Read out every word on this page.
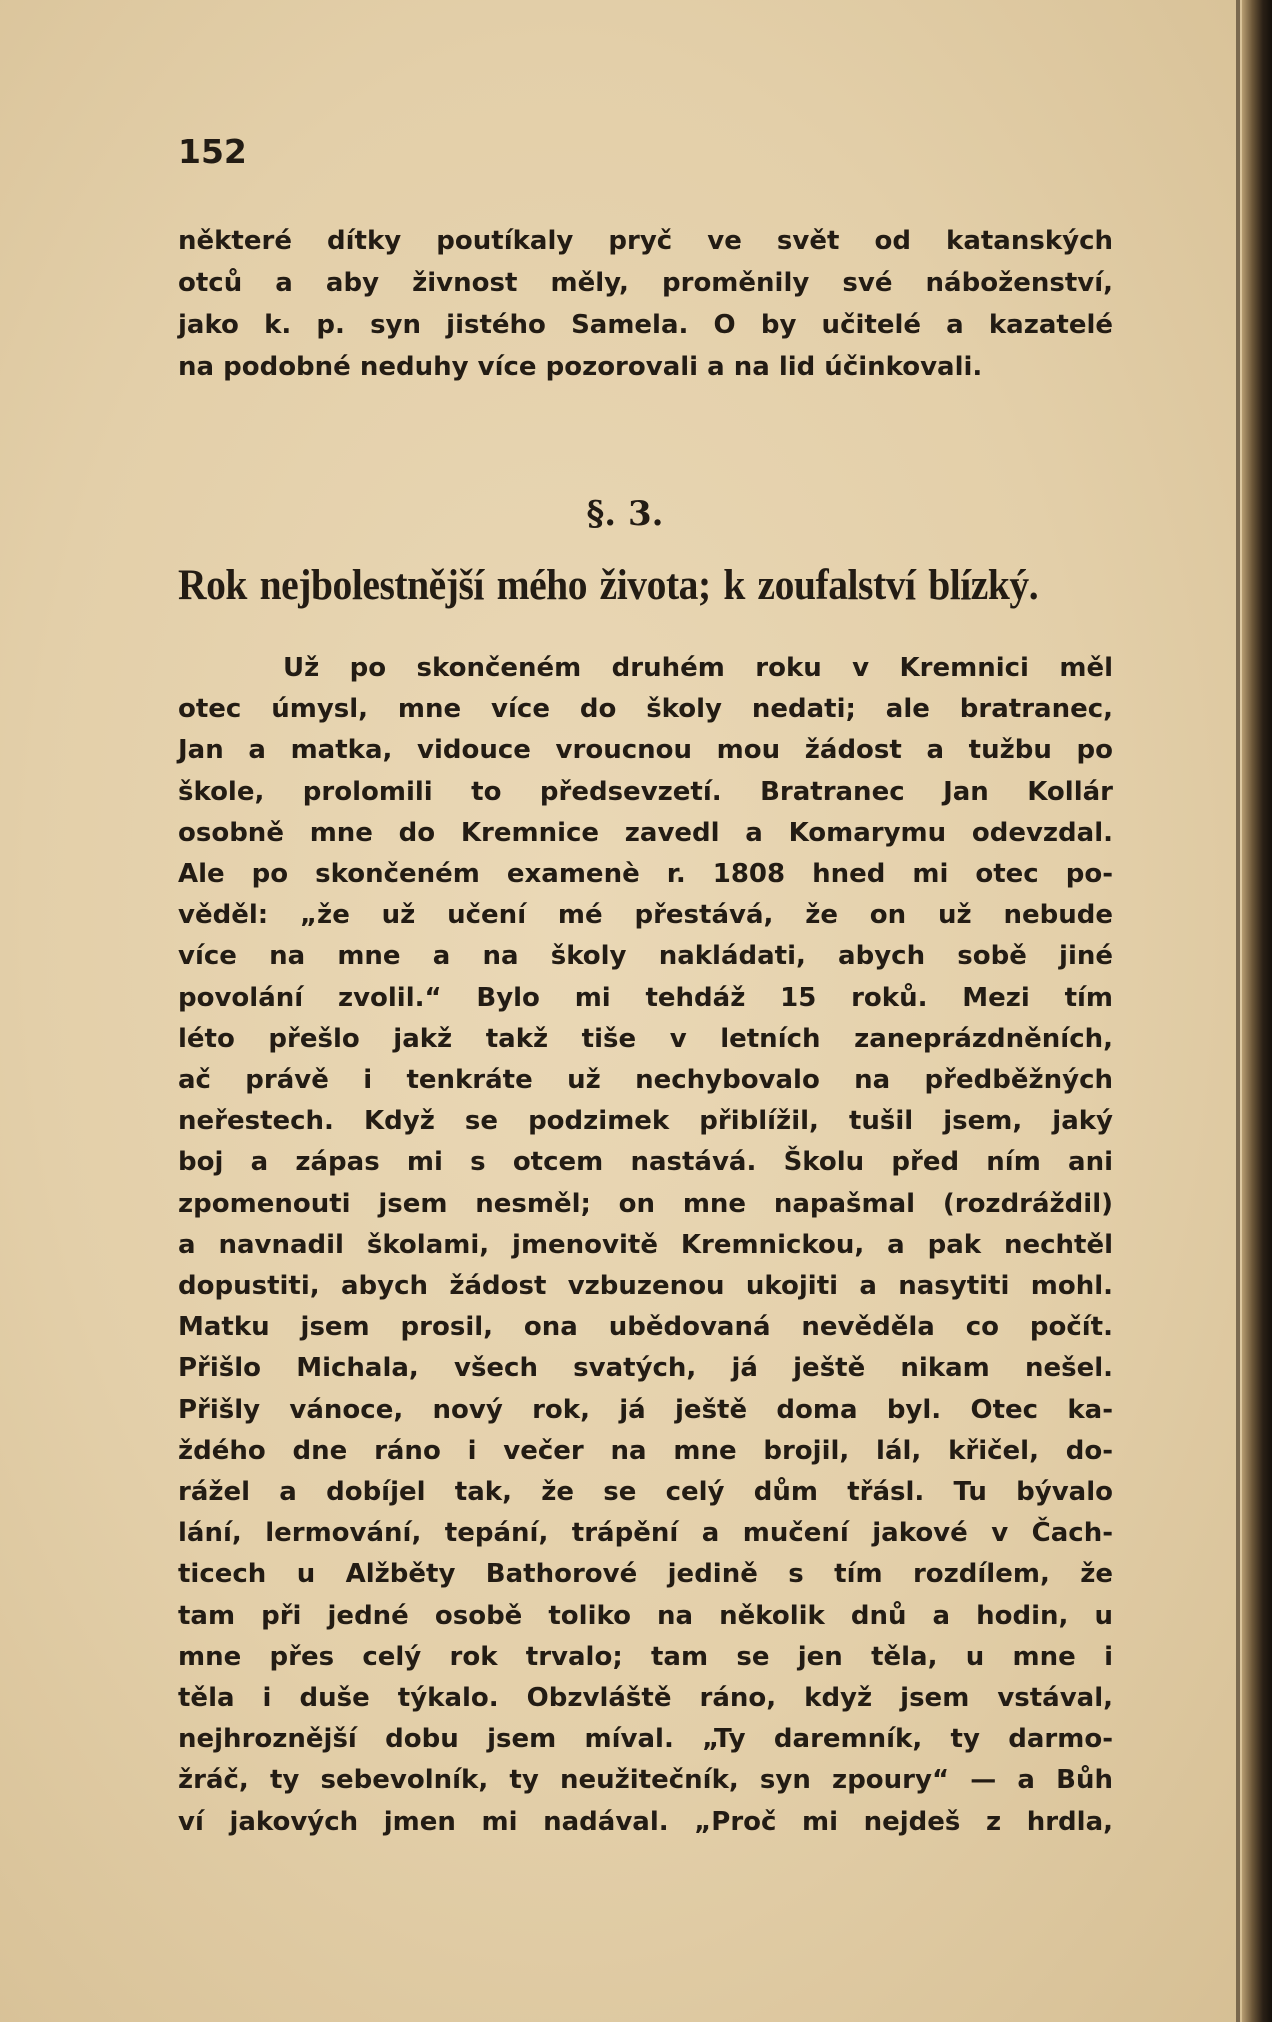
152
některé dítky poutíkaly pryč ve svět od katanských
otců a aby živnost měly, proměnily své náboženství,
jako k. p. syn jistého Samela. O by učitelé a kazatelé
na podobné neduhy více pozorovali a na lid účinkovali.
§. 3.
Rok nejbolestnější mého života; k zoufalství blízký.
Už po skončeném druhém roku v Kremnici měl
otec úmysl, mne více do školy nedati; ale bratranec,
Jan a matka, vidouce vroucnou mou žádost a tužbu po
škole, prolomili to předsevzetí. Bratranec Jan Kollár
osobně mne do Kremnice zavedl a Komarymu odevzdal.
Ale po skončeném examenè r. 1808 hned mi otec po-
věděl: „že už učení mé přestává, že on už nebude
více na mne a na školy nakládati, abych sobě jiné
povolání zvolil.“ Bylo mi tehdáž 15 roků. Mezi tím
léto přešlo jakž takž tiše v letních zaneprázdněních,
ač právě i tenkráte už nechybovalo na předběžných
neřestech. Když se podzimek přiblížil, tušil jsem, jaký
boj a zápas mi s otcem nastává. Školu před ním ani
zpomenouti jsem nesměl; on mne napašmal (rozdráždil)
a navnadil školami, jmenovitě Kremnickou, a pak nechtěl
dopustiti, abych žádost vzbuzenou ukojiti a nasytiti mohl.
Matku jsem prosil, ona ubědovaná nevěděla co počít.
Přišlo Michala, všech svatých, já ještě nikam nešel.
Přišly vánoce, nový rok, já ještě doma byl. Otec ka-
ždého dne ráno i večer na mne brojil, lál, křičel, do-
rážel a dobíjel tak, že se celý dům třásl. Tu bývalo
lání, lermování, tepání, trápění a mučení jakové v Čach-
ticech u Alžběty Bathorové jedině s tím rozdílem, že
tam při jedné osobě toliko na několik dnů a hodin, u
mne přes celý rok trvalo; tam se jen těla, u mne i
těla i duše týkalo. Obzvláště ráno, když jsem vstával,
nejhroznější dobu jsem míval. „Ty daremník, ty darmo-
žráč, ty sebevolník, ty neužitečník, syn zpoury“ — a Bůh
ví jakových jmen mi nadával. „Proč mi nejdeš z hrdla,
